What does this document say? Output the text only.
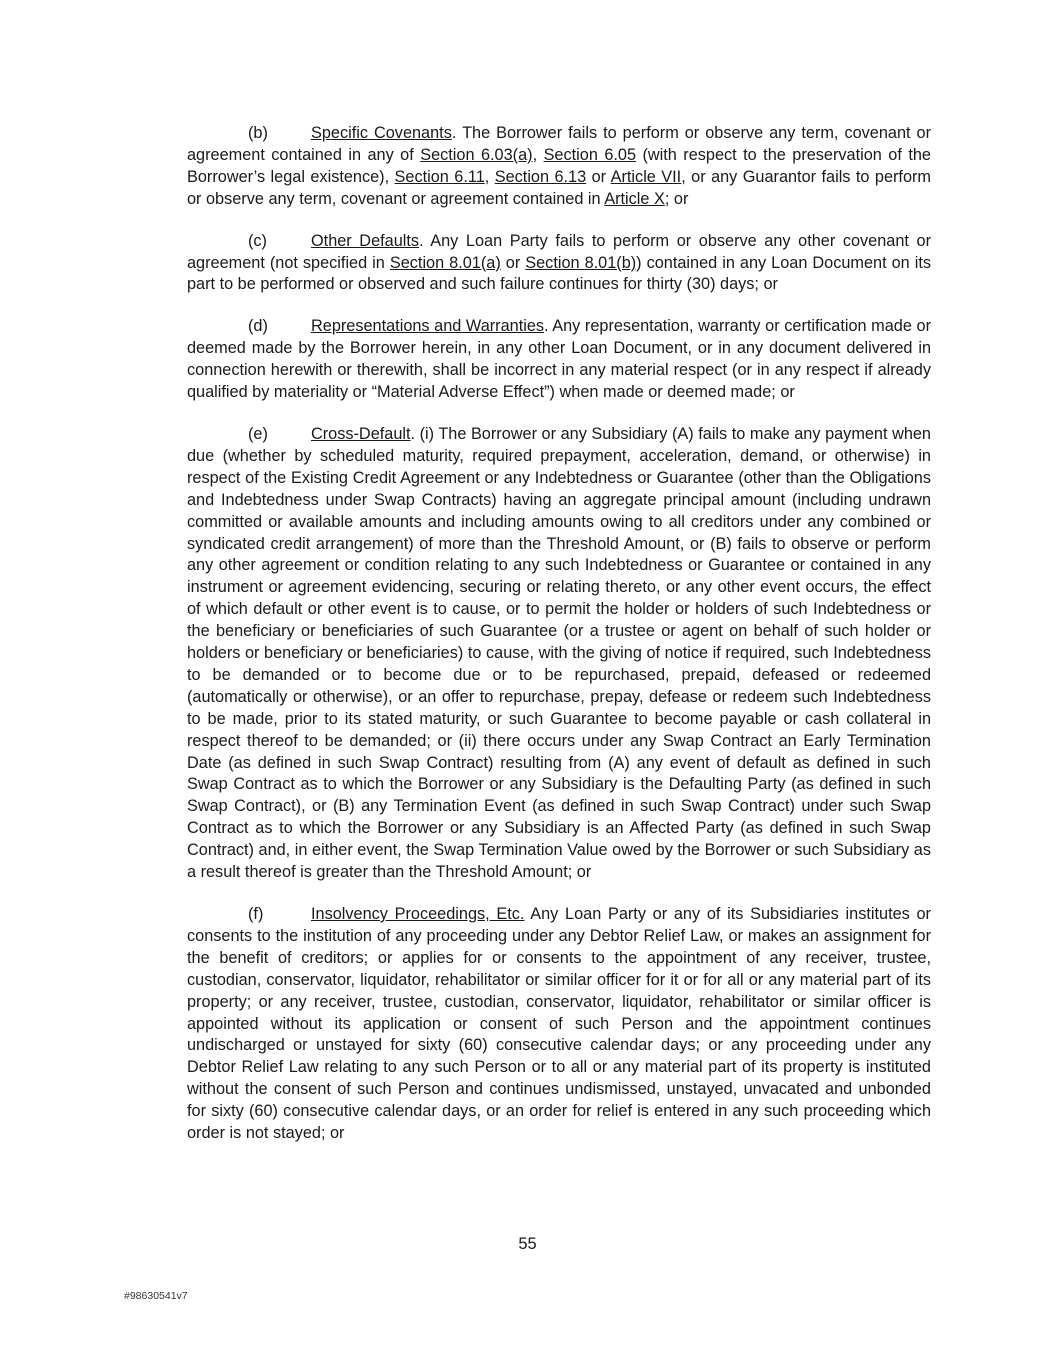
(b)	Specific Covenants. The Borrower fails to perform or observe any term, covenant or agreement contained in any of Section 6.03(a), Section 6.05 (with respect to the preservation of the Borrower’s legal existence), Section 6.11, Section 6.13 or Article VII, or any Guarantor fails to perform or observe any term, covenant or agreement contained in Article X; or

(c)	Other Defaults. Any Loan Party fails to perform or observe any other covenant or agreement (not specified in Section 8.01(a) or Section 8.01(b)) contained in any Loan Document on its part to be performed or observed and such failure continues for thirty (30) days; or

(d)	Representations and Warranties. Any representation, warranty or certification made or deemed made by the Borrower herein, in any other Loan Document, or in any document delivered in connection herewith or therewith, shall be incorrect in any material respect (or in any respect if already qualified by materiality or “Material Adverse Effect”) when made or deemed made; or

(e)	Cross-Default. (i) The Borrower or any Subsidiary (A) fails to make any payment when due (whether by scheduled maturity, required prepayment, acceleration, demand, or otherwise) in respect of the Existing Credit Agreement or any Indebtedness or Guarantee (other than the Obligations and Indebtedness under Swap Contracts) having an aggregate principal amount (including undrawn committed or available amounts and including amounts owing to all creditors under any combined or syndicated credit arrangement) of more than the Threshold Amount, or (B) fails to observe or perform any other agreement or condition relating to any such Indebtedness or Guarantee or contained in any instrument or agreement evidencing, securing or relating thereto, or any other event occurs, the effect of which default or other event is to cause, or to permit the holder or holders of such Indebtedness or the beneficiary or beneficiaries of such Guarantee (or a trustee or agent on behalf of such holder or holders or beneficiary or beneficiaries) to cause, with the giving of notice if required, such Indebtedness to be demanded or to become due or to be repurchased, prepaid, defeased or redeemed (automatically or otherwise), or an offer to repurchase, prepay, defease or redeem such Indebtedness to be made, prior to its stated maturity, or such Guarantee to become payable or cash collateral in respect thereof to be demanded; or (ii) there occurs under any Swap Contract an Early Termination Date (as defined in such Swap Contract) resulting from (A) any event of default as defined in such Swap Contract as to which the Borrower or any Subsidiary is the Defaulting Party (as defined in such Swap Contract), or (B) any Termination Event (as defined in such Swap Contract) under such Swap Contract as to which the Borrower or any Subsidiary is an Affected Party (as defined in such Swap Contract) and, in either event, the Swap Termination Value owed by the Borrower or such Subsidiary as a result thereof is greater than the Threshold Amount; or

(f)	Insolvency Proceedings, Etc. Any Loan Party or any of its Subsidiaries institutes or consents to the institution of any proceeding under any Debtor Relief Law, or makes an assignment for the benefit of creditors; or applies for or consents to the appointment of any receiver, trustee, custodian, conservator, liquidator, rehabilitator or similar officer for it or for all or any material part of its property; or any receiver, trustee, custodian, conservator, liquidator, rehabilitator or similar officer is appointed without its application or consent of such Person and the appointment continues undischarged or unstayed for sixty (60) consecutive calendar days; or any proceeding under any Debtor Relief Law relating to any such Person or to all or any material part of its property is instituted without the consent of such Person and continues undismissed, unstayed, unvacated and unbonded for sixty (60) consecutive calendar days, or an order for relief is entered in any such proceeding which order is not stayed; or

55
#98630541v7
